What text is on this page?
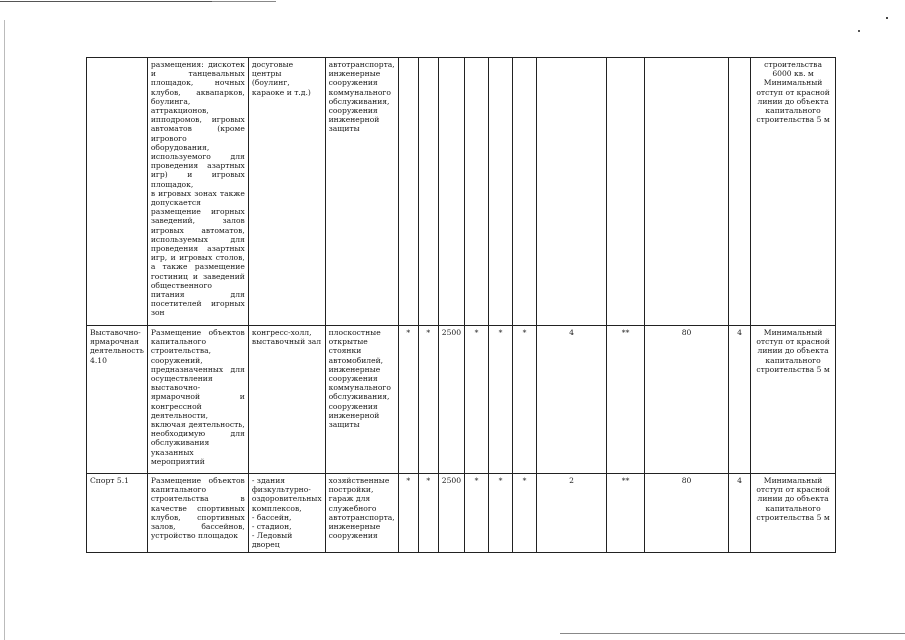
	размещения: дискотек и танцевальных площадок, ночных клубов, аквапарков, боулинга, аттракционов, ипподромов, игровых автоматов (кроме игрового оборудования, используемого для проведения азартных игр) и игровых площадок,
в игровых зонах также допускается размещение игорных заведений, залов игровых автоматов, используемых для проведения азартных игр, и игровых столов, а также размещение гостиниц и заведений общественного питания для посетителей игорных зон	досуговые центры (боулинг, караоке и т.д.)	автотранспорта, инженерные сооружения коммунального обслуживания, сооружения инженерной защиты											строительства 6000 кв. м
Минимальный отступ от красной линии до объекта капитального строительства 5 м

Выставочно-ярмарочная деятельность 4.10	Размещение объектов капитального строительства, сооружений, предназначенных для осуществления выставочно-ярмарочной и конгрессной деятельности, включая деятельность, необходимую для обслуживания указанных мероприятий	конгресс-холл, выставочный зал	плоскостные открытые стоянки автомобилей, инженерные сооружения коммунального обслуживания, сооружения инженерной защиты	*	*	2500	*	*	*	4	**	80	4	Минимальный отступ от красной линии до объекта капитального строительства 5 м

Спорт 5.1	Размещение объектов капитального строительства в качестве спортивных клубов, спортивных залов, бассейнов, устройство площадок	- здания физкультурно-оздоровительных комплексов,
- бассейн,
- стадион,
- Ледовый дворец	хозяйственные постройки, гараж для служебного автотранспорта, инженерные сооружения	*	*	2500	*	*	*	2	**	80	4	Минимальный отступ от красной линии до объекта капитального строительства 5 м
